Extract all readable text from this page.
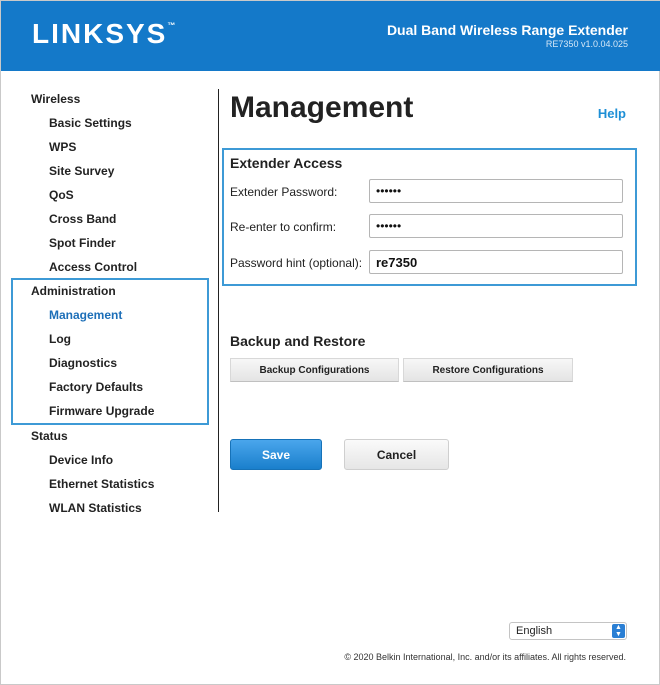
LINKSYS ™	Dual Band Wireless Range Extender
RE7350 v1.0.04.025
Wireless
Basic Settings
WPS
Site Survey
QoS
Cross Band
Spot Finder
Access Control
Administration
Management
Log
Diagnostics
Factory Defaults
Firmware Upgrade
Status
Device Info
Ethernet Statistics
WLAN Statistics
Management	Help
Extender Access
Extender Password:
••••••
Re-enter to confirm:
••••••
Password hint (optional):
re7350
Backup and Restore
Backup Configurations	Restore Configurations
Save	Cancel
English	▲
▼
© 2020 Belkin International, Inc. and/or its affiliates. All rights reserved.
